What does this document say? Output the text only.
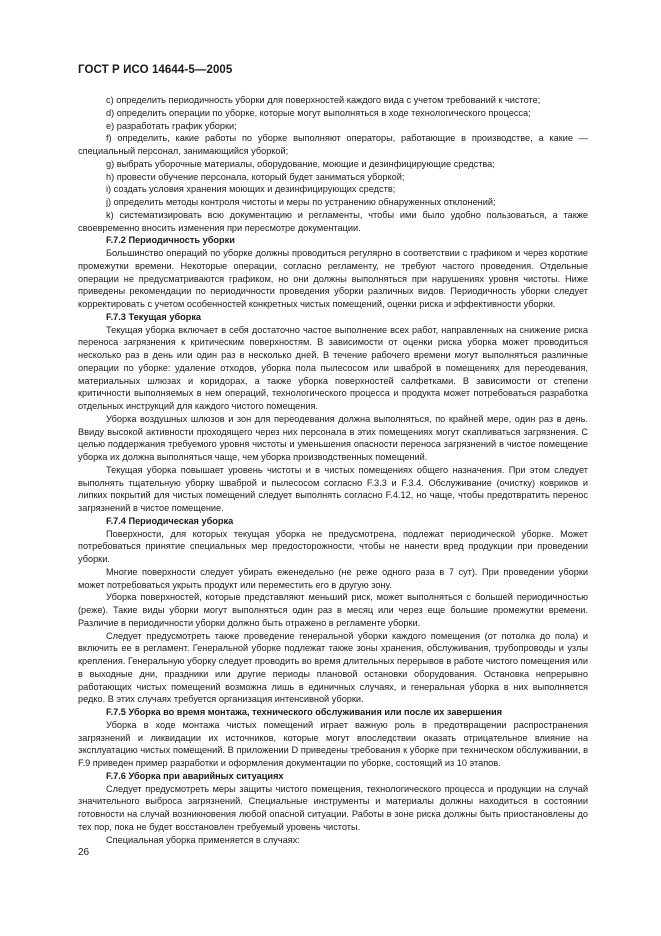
ГОСТ Р ИСО 14644-5—2005

c) определить периодичность уборки для поверхностей каждого вида с учетом требований к чистоте;

d) определить операции по уборке, которые могут выполняться в ходе технологического процесса;

e) разработать график уборки;

f) определить, какие работы по уборке выполняют операторы, работающие в производстве, а какие — специальный персонал, занимающийся уборкой;

g) выбрать уборочные материалы, оборудование, моющие и дезинфицирующие средства;

h) провести обучение персонала, который будет заниматься уборкой;

i) создать условия хранения моющих и дезинфицирующих средств;

j) определить методы контроля чистоты и меры по устранению обнаруженных отклонений;

k) систематизировать всю документацию и регламенты, чтобы ими было удобно пользоваться, а также своевременно вносить изменения при пересмотре документации.

F.7.2 Периодичность уборки

Большинство операций по уборке должны проводиться регулярно в соответствии с графиком и через короткие промежутки времени. Некоторые операции, согласно регламенту, не требуют частого проведения. Отдельные операции не предусматриваются графиком, но они должны выполняться при нарушениях уровня чистоты. Ниже приведены рекомендации по периодичности проведения уборки различных видов. Периодичность уборки следует корректировать с учетом особенностей конкретных чистых помещений, оценки риска и эффективности уборки.

F.7.3 Текущая уборка

Текущая уборка включает в себя достаточно частое выполнение всех работ, направленных на снижение риска переноса загрязнения к критическим поверхностям. В зависимости от оценки риска уборка может проводиться несколько раз в день или один раз в несколько дней. В течение рабочего времени могут выполняться различные операции по уборке: удаление отходов, уборка пола пылесосом или шваброй в помещениях для переодевания, материальных шлюзах и коридорах, а также уборка поверхностей салфетками. В зависимости от степени критичности выполняемых в нем операций, технологического процесса и продукта может потребоваться разработка отдельных инструкций для каждого чистого помещения.

Уборка воздушных шлюзов и зон для переодевания должна выполняться, по крайней мере, один раз в день. Ввиду высокой активности проходящего через них персонала в этих помещениях могут скапливаться загрязнения. С целью поддержания требуемого уровня чистоты и уменьшения опасности переноса загрязнений в чистое помещение уборка их должна выполняться чаще, чем уборка производственных помещений.

Текущая уборка повышает уровень чистоты и в чистых помещениях общего назначения. При этом следует выполнять тщательную уборку шваброй и пылесосом согласно F.3.3 и F.3.4. Обслуживание (очистку) ковриков и липких покрытий для чистых помещений следует выполнять согласно F.4.12, но чаще, чтобы предотвратить перенос загрязнений в чистое помещение.

F.7.4 Периодическая уборка

Поверхности, для которых текущая уборка не предусмотрена, подлежат периодической уборке. Может потребоваться принятие специальных мер предосторожности, чтобы не нанести вред продукции при проведении уборки.

Многие поверхности следует убирать еженедельно (не реже одного раза в 7 сут). При проведении уборки может потребоваться укрыть продукт или переместить его в другую зону.

Уборка поверхностей, которые представляют меньший риск, может выполняться с большей периодичностью (реже). Такие виды уборки могут выполняться один раз в месяц или через еще большие промежутки времени. Различие в периодичности уборки должно быть отражено в регламенте уборки.

Следует предусмотреть также проведение генеральной уборки каждого помещения (от потолка до пола) и включить ее в регламент. Генеральной уборке подлежат также зоны хранения, обслуживания, трубопроводы и узлы крепления. Генеральную уборку следует проводить во время длительных перерывов в работе чистого помещения или в выходные дни, праздники или другие периоды плановой остановки оборудования. Остановка непрерывно работающих чистых помещений возможна лишь в единичных случаях, и генеральная уборка в них выполняется редко. В этих случаях требуется организация интенсивной уборки.

F.7.5 Уборка во время монтажа, технического обслуживания или после их завершения

Уборка в ходе монтажа чистых помещений играет важную роль в предотвращении распространения загрязнений и ликвидации их источников, которые могут впоследствии оказать отрицательное влияние на эксплуатацию чистых помещений. В приложении D приведены требования к уборке при техническом обслуживании, в F.9 приведен пример разработки и оформления документации по уборке, состоящий из 10 этапов.

F.7.6 Уборка при аварийных ситуациях

Следует предусмотреть меры защиты чистого помещения, технологического процесса и продукции на случай значительного выброса загрязнений. Специальные инструменты и материалы должны находиться в состоянии готовности на случай возникновения любой опасной ситуации. Работы в зоне риска должны быть приостановлены до тех пор, пока не будет восстановлен требуемый уровень чистоты.

Специальная уборка применяется в случаях:

26
